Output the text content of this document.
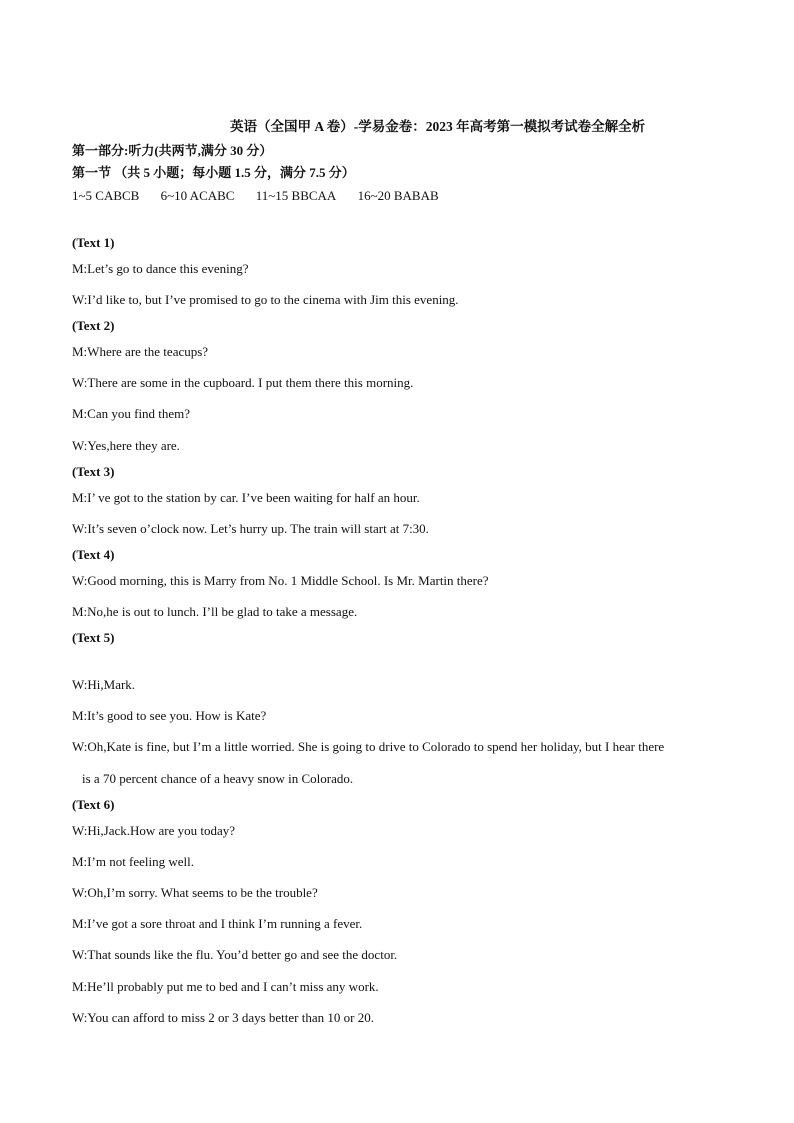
英语（全国甲 A 卷）-学易金卷：2023 年高考第一模拟考试卷全解全析
第一部分:听力(共两节,满分 30 分）
第一节 （共 5 小题；每小题 1.5 分，满分 7.5 分）
1~5 CABCB 6~10 ACABC 11~15 BBCAA 16~20 BABAB
(Text 1)
M:Let’s go to dance this evening?
W:I’d like to, but I’ve promised to go to the cinema with Jim this evening.
(Text 2)
M:Where are the teacups?
W:There are some in the cupboard. I put them there this morning.
M:Can you find them?
W:Yes,here they are.
(Text 3)
M:I’ ve got to the station by car. I’ve been waiting for half an hour.
W:It’s seven o’clock now. Let’s hurry up. The train will start at 7:30.
(Text 4)
W:Good morning, this is Marry from No. 1 Middle School. Is Mr. Martin there?
M:No,he is out to lunch. I’ll be glad to take a message.
(Text 5)
W:Hi,Mark.
M:It’s good to see you. How is Kate?
W:Oh,Kate is fine, but I’m a little worried. She is going to drive to Colorado to spend her holiday, but I hear there
is a 70 percent chance of a heavy snow in Colorado.
(Text 6)
W:Hi,Jack.How are you today?
M:I’m not feeling well.
W:Oh,I’m sorry. What seems to be the trouble?
M:I’ve got a sore throat and I think I’m running a fever.
W:That sounds like the flu. You’d better go and see the doctor.
M:He’ll probably put me to bed and I can’t miss any work.
W:You can afford to miss 2 or 3 days better than 10 or 20.
